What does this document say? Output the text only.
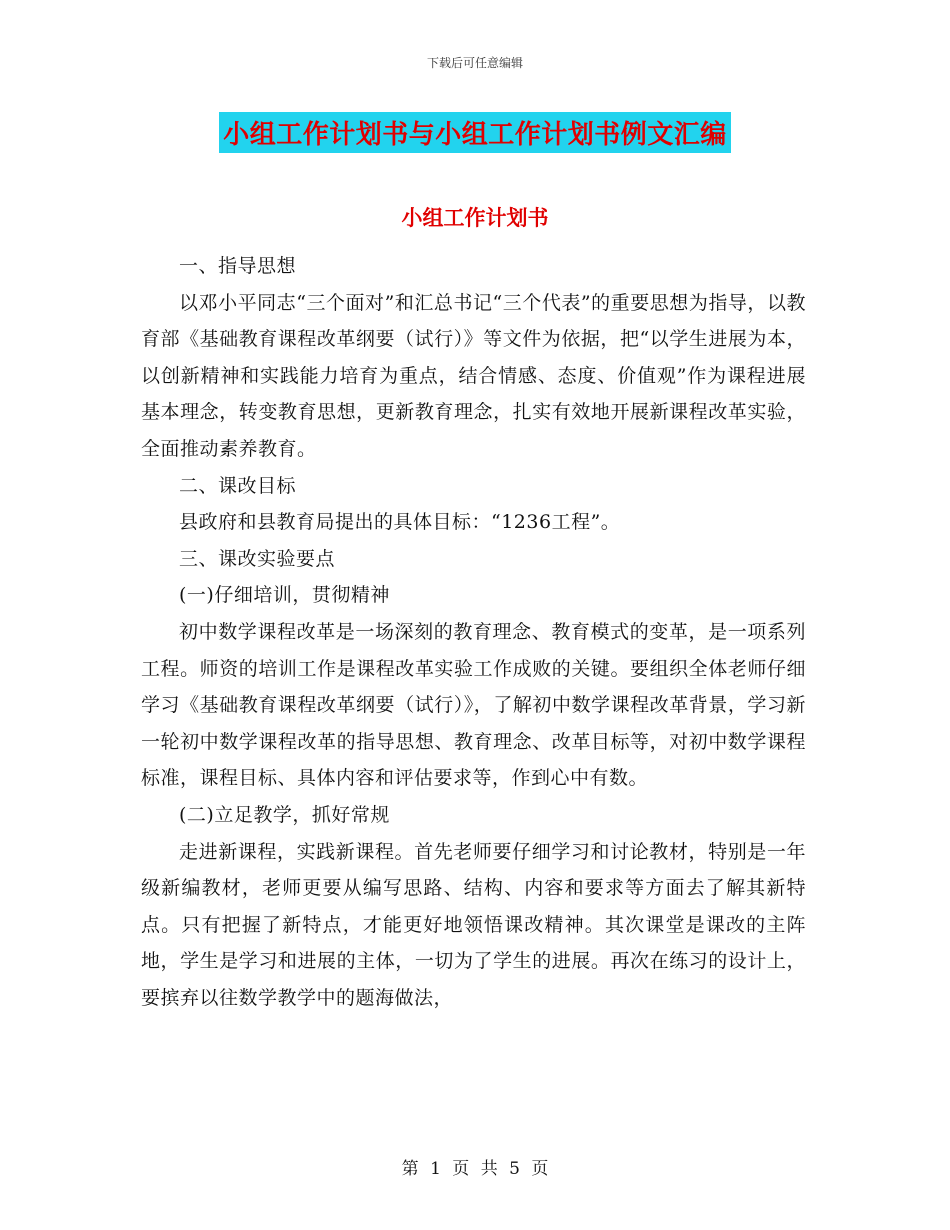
下载后可任意编辑
小组工作计划书与小组工作计划书例文汇编
小组工作计划书

一、指导思想

以邓小平同志“三个面对”和汇总书记“三个代表”的重要思想为指导，以教育部《基础教育课程改革纲要（试行）》等文件为依据，把“以学生进展为本，以创新精神和实践能力培育为重点，结合情感、态度、价值观”作为课程进展基本理念，转变教育思想，更新教育理念，扎实有效地开展新课程改革实验，全面推动素养教育。

二、课改目标

县政府和县教育局提出的具体目标：“1236工程”。

三、课改实验要点

(一)仔细培训，贯彻精神

初中数学课程改革是一场深刻的教育理念、教育模式的变革，是一项系列工程。师资的培训工作是课程改革实验工作成败的关键。要组织全体老师仔细学习《基础教育课程改革纲要（试行）》，了解初中数学课程改革背景，学习新一轮初中数学课程改革的指导思想、教育理念、改革目标等，对初中数学课程标准，课程目标、具体内容和评估要求等，作到心中有数。

(二)立足教学，抓好常规

走进新课程，实践新课程。首先老师要仔细学习和讨论教材，特别是一年级新编教材，老师更要从编写思路、结构、内容和要求等方面去了解其新特点。只有把握了新特点，才能更好地领悟课改精神。其次课堂是课改的主阵地，学生是学习和进展的主体，一切为了学生的进展。再次在练习的设计上，要摈弃以往数学教学中的题海做法，

第 1 页 共 5 页
